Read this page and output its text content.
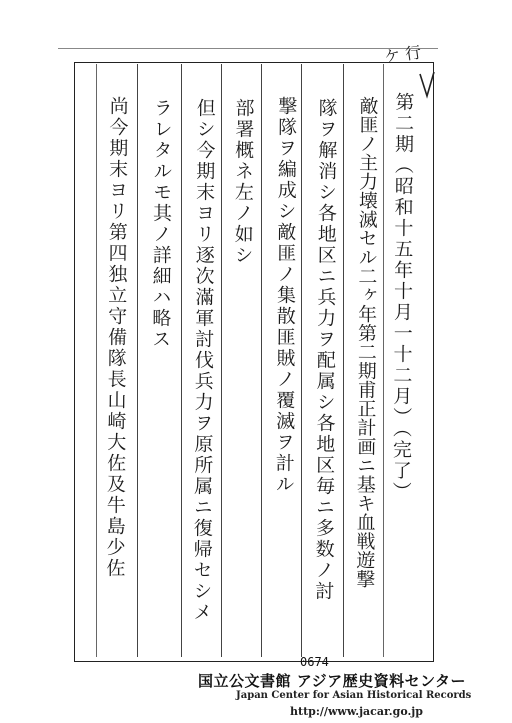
ケ 行
第二期（昭和十五年十月一十二月）（完了）
敵匪ノ主力壊滅セル二ヶ年第二期甫正計画ニ基キ血戦遊撃
隊ヲ解消シ各地区ニ兵力ヲ配属シ各地区毎ニ多数ノ討
撃隊ヲ編成シ敵匪ノ集散匪賊ノ覆滅ヲ計ル
部署概ネ左ノ如シ
但シ今期末ヨリ逐次滿軍討伐兵力ヲ原所属ニ復帰セシメ
ラレタルモ其ノ詳細ハ略ス
尚今期末ヨリ第四独立守備隊長山崎大佐及牛島少佐
0674
国立公文書館 アジア歴史資料センター
Japan Center for Asian Historical Records
http://www.jacar.go.jp
